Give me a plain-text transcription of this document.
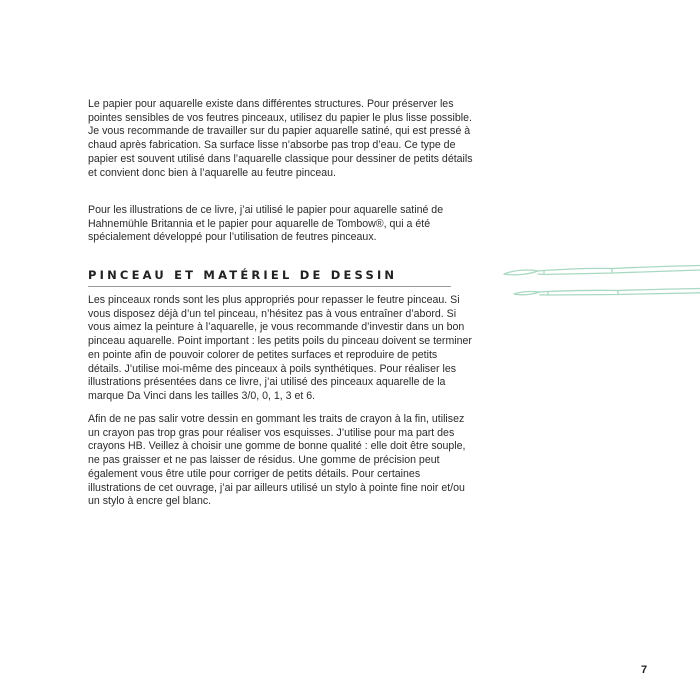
Le papier pour aquarelle existe dans différentes structures. Pour préserver les pointes sensibles de vos feutres pinceaux, utilisez du papier le plus lisse possible. Je vous recommande de travailler sur du papier aquarelle satiné, qui est pressé à chaud après fabrication. Sa surface lisse n’absorbe pas trop d’eau. Ce type de papier est souvent utilisé dans l’aquarelle classique pour dessiner de petits détails et convient donc bien à l’aquarelle au feutre pinceau.

Pour les illustrations de ce livre, j’ai utilisé le papier pour aquarelle satiné de Hahnemühle Britannia et le papier pour aquarelle de Tombow®, qui a été spécialement développé pour l’utilisation de feutres pinceaux.

PINCEAU ET MATÉRIEL DE DESSIN

Les pinceaux ronds sont les plus appropriés pour repasser le feutre pinceau. Si vous disposez déjà d’un tel pinceau, n’hésitez pas à vous entraîner d’abord. Si vous aimez la peinture à l’aquarelle, je vous recommande d’investir dans un bon pinceau aquarelle. Point important : les petits poils du pinceau doivent se terminer en pointe afin de pouvoir colorer de petites surfaces et reproduire de petits détails. J’utilise moi-même des pinceaux à poils synthétiques. Pour réaliser les illustrations présentées dans ce livre, j’ai utilisé des pinceaux aquarelle de la marque Da Vinci dans les tailles 3/0, 0, 1, 3 et 6.

Afin de ne pas salir votre dessin en gommant les traits de crayon à la fin, utilisez un crayon pas trop gras pour réaliser vos esquisses. J’utilise pour ma part des crayons HB. Veillez à choisir une gomme de bonne qualité : elle doit être souple, ne pas graisser et ne pas laisser de résidus. Une gomme de précision peut également vous être utile pour corriger de petits détails. Pour certaines illustrations de cet ouvrage, j’ai par ailleurs utilisé un stylo à pointe fine noir et/ou un stylo à encre gel blanc.

7
